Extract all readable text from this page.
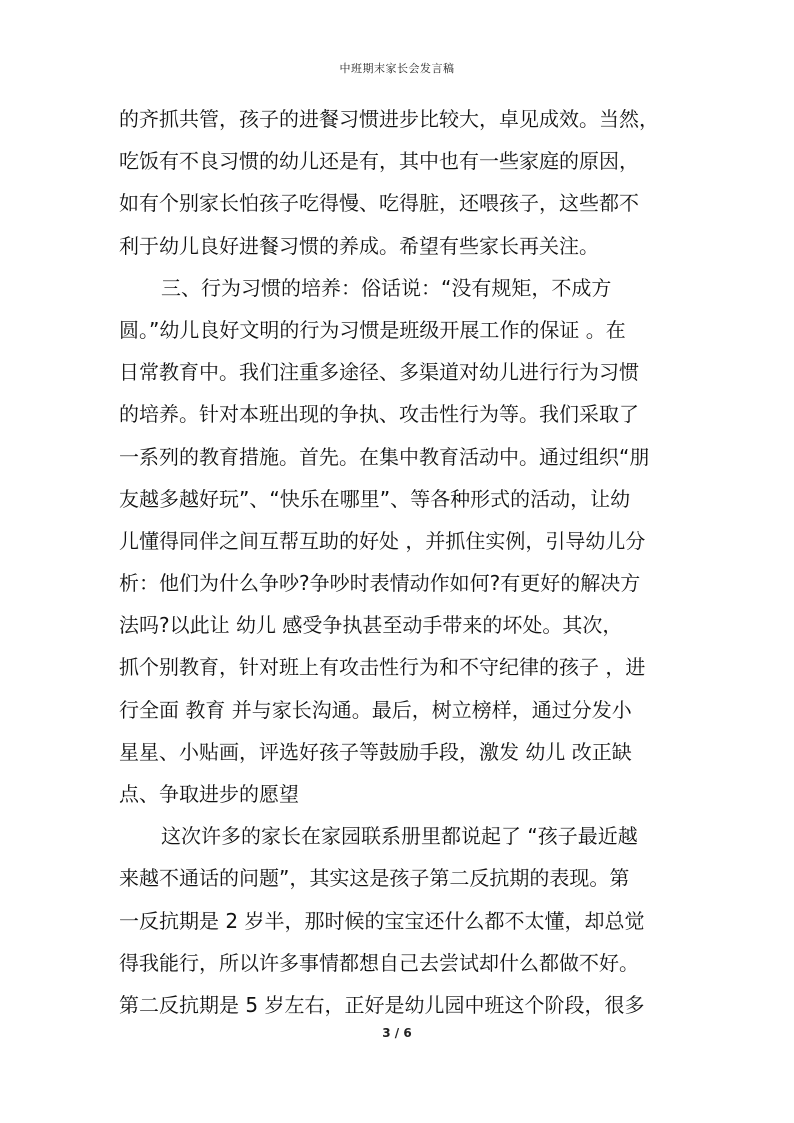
中班期末家长会发言稿
的齐抓共管，孩子的进餐习惯进步比较大，卓见成效。当然，
吃饭有不良习惯的幼儿还是有，其中也有一些家庭的原因，
如有个别家长怕孩子吃得慢、吃得脏，还喂孩子，这些都不
利于幼儿良好进餐习惯的养成。希望有些家长再关注。
三、行为习惯的培养：俗话说：“没有规矩，不成方
圆。”幼儿良好文明的行为习惯是班级开展工作的保证 。在
日常教育中。我们注重多途径、多渠道对幼儿进行行为习惯
的培养。针对本班出现的争执、攻击性行为等。我们采取了
一系列的教育措施。首先。在集中教育活动中。通过组织“朋
友越多越好玩”、“快乐在哪里”、等各种形式的活动，让幼
儿懂得同伴之间互帮互助的好处 ，并抓住实例，引导幼儿分
析：他们为什么争吵?争吵时表情动作如何?有更好的解决方
法吗?以此让 幼儿 感受争执甚至动手带来的坏处。其次，
抓个别教育，针对班上有攻击性行为和不守纪律的孩子 ，进
行全面 教育 并与家长沟通。最后，树立榜样，通过分发小
星星、小贴画，评选好孩子等鼓励手段，激发 幼儿 改正缺
点、争取进步的愿望
这次许多的家长在家园联系册里都说起了 “孩子最近越
来越不通话的问题”，其实这是孩子第二反抗期的表现。第
一反抗期是 2 岁半，那时候的宝宝还什么都不太懂，却总觉
得我能行，所以许多事情都想自己去尝试却什么都做不好。
第二反抗期是 5 岁左右，正好是幼儿园中班这个阶段，很多
3 / 6
